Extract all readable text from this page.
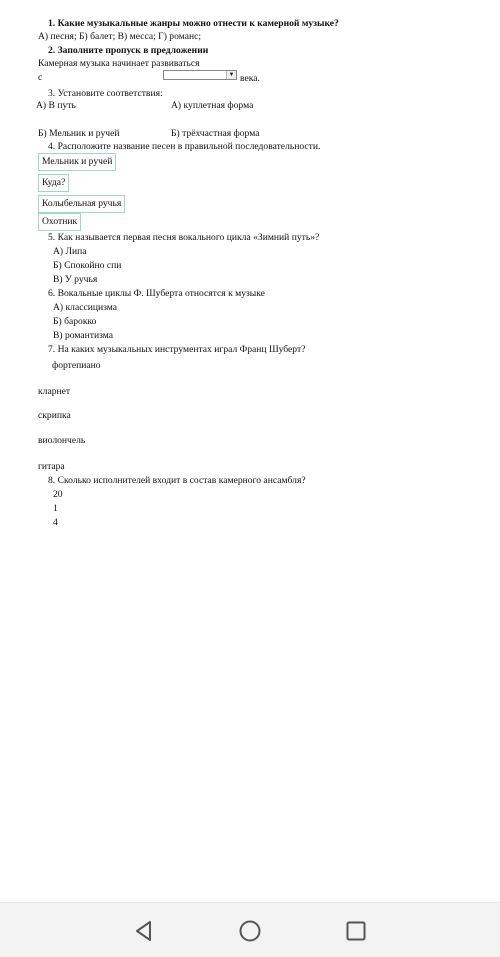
1. Какие музыкальные жанры можно отнести к камерной музыке?
А) песня; Б) балет; В) месса; Г) романс;
2. Заполните пропуск в предложении
Камерная музыка начинает развиваться
с	▼ века.
3. Установите соответствия:
А) В путь	А) куплетная форма
Б) Мельник и ручей	Б) трёхчастная форма
4. Расположите название песен в правильной последовательности.
Мельник и ручей
Куда?
Колыбельная ручья
Охотник
5. Как называется первая песня вокального цикла «Зимний путь»?
А) Липа
Б) Спокойно спи
В) У ручья
6. Вокальные циклы Ф. Шуберта относятся к музыке
А) классицизма
Б) барокко
В) романтизма
7. На каких музыкальных инструментах играл Франц Шуберт?
фортепиано
кларнет
скрипка
виолончель
гитара
8. Сколько исполнителей входит в состав камерного ансамбля?
20
1
4
